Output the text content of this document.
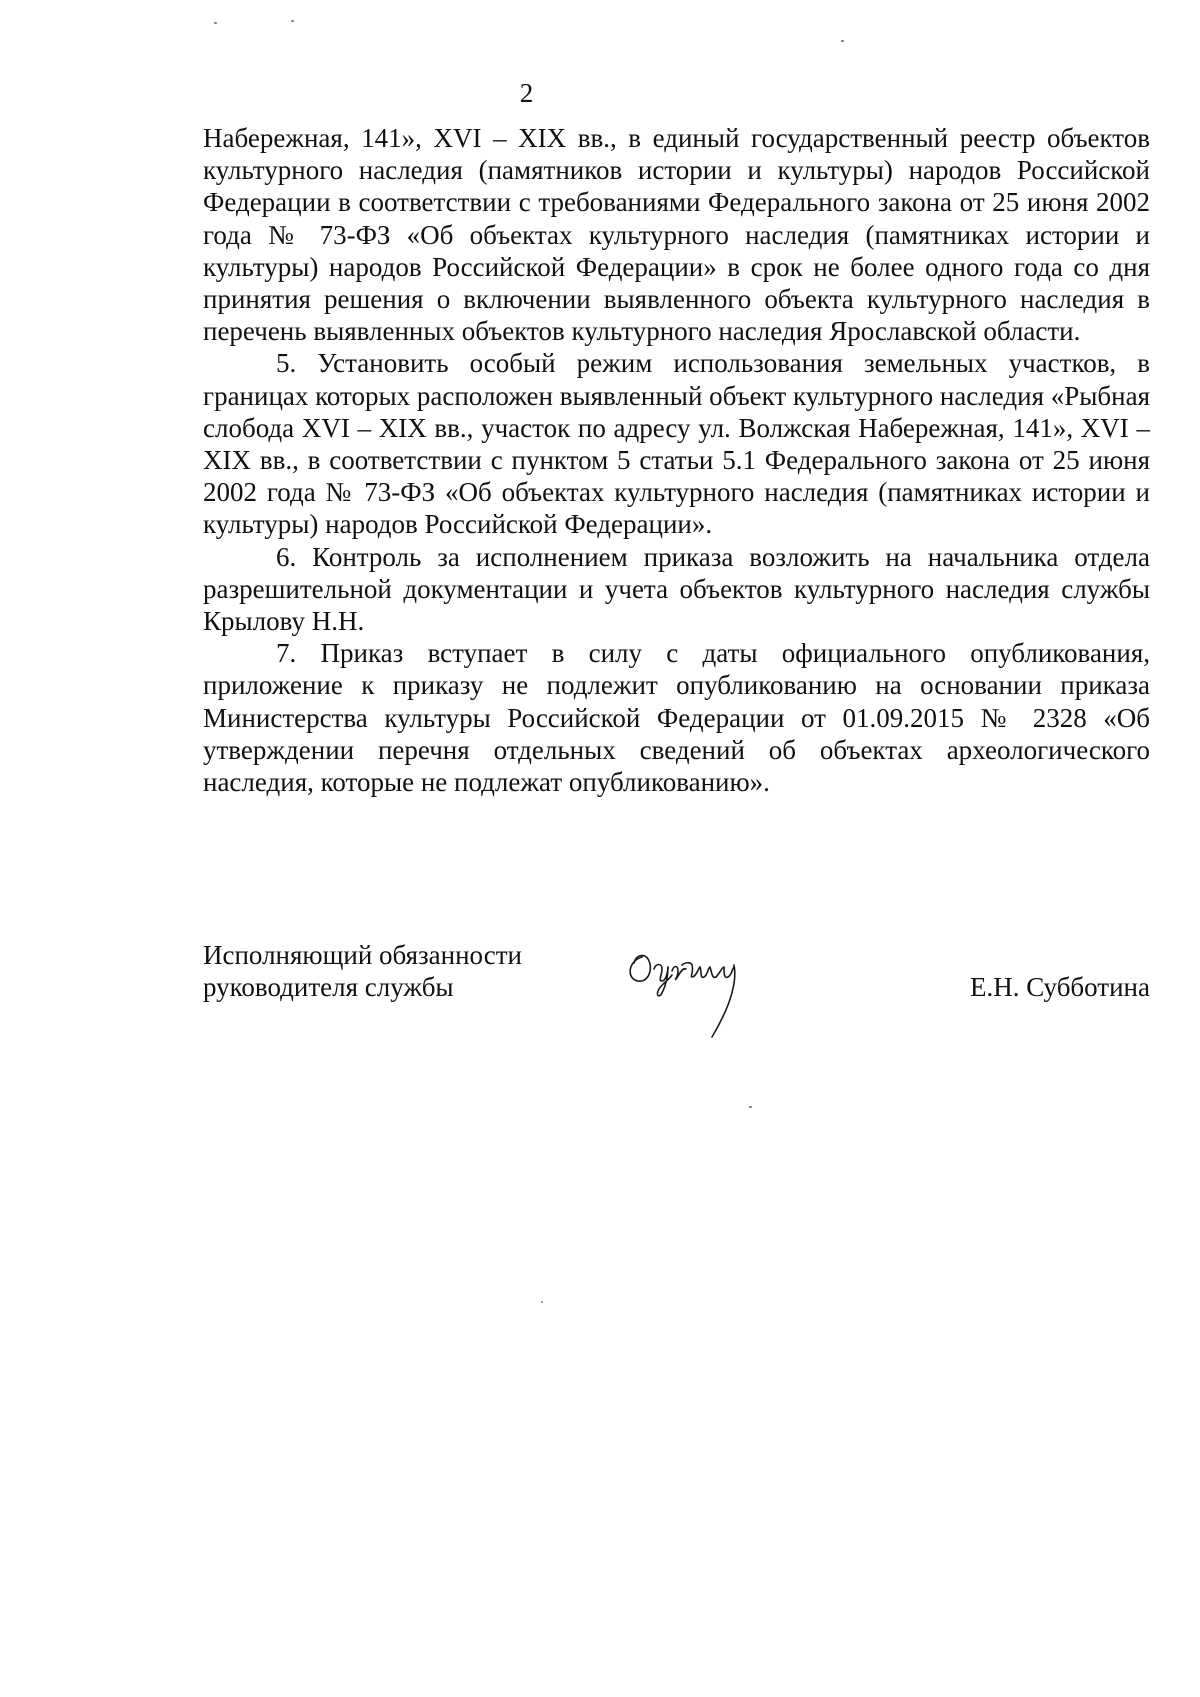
2

Набережная, 141», XVI – XIX вв., в единый государственный реестр объектов культурного наследия (памятников истории и культуры) народов Российской Федерации в соответствии с требованиями Федерального закона от 25 июня 2002 года № 73-ФЗ «Об объектах культурного наследия (памятниках истории и культуры) народов Российской Федерации» в срок не более одного года со дня принятия решения о включении выявленного объекта культурного наследия в перечень выявленных объектов культурного наследия Ярославской области.

5. Установить особый режим использования земельных участков, в границах которых расположен выявленный объект культурного наследия «Рыбная слобода XVI – XIX вв., участок по адресу ул. Волжская Набережная, 141», XVI – XIX вв., в соответствии с пунктом 5 статьи 5.1 Федерального закона от 25 июня 2002 года № 73-ФЗ «Об объектах культурного наследия (памятниках истории и культуры) народов Российской Федерации».

6. Контроль за исполнением приказа возложить на начальника отдела разрешительной документации и учета объектов культурного наследия службы Крылову Н.Н.

7. Приказ вступает в силу с даты официального опубликования, приложение к приказу не подлежит опубликованию на основании приказа Министерства культуры Российской Федерации от 01.09.2015 № 2328 «Об утверждении перечня отдельных сведений об объектах археологического наследия, которые не подлежат опубликованию».

Исполняющий обязанности
руководителя службы	Е.Н. Субботина
